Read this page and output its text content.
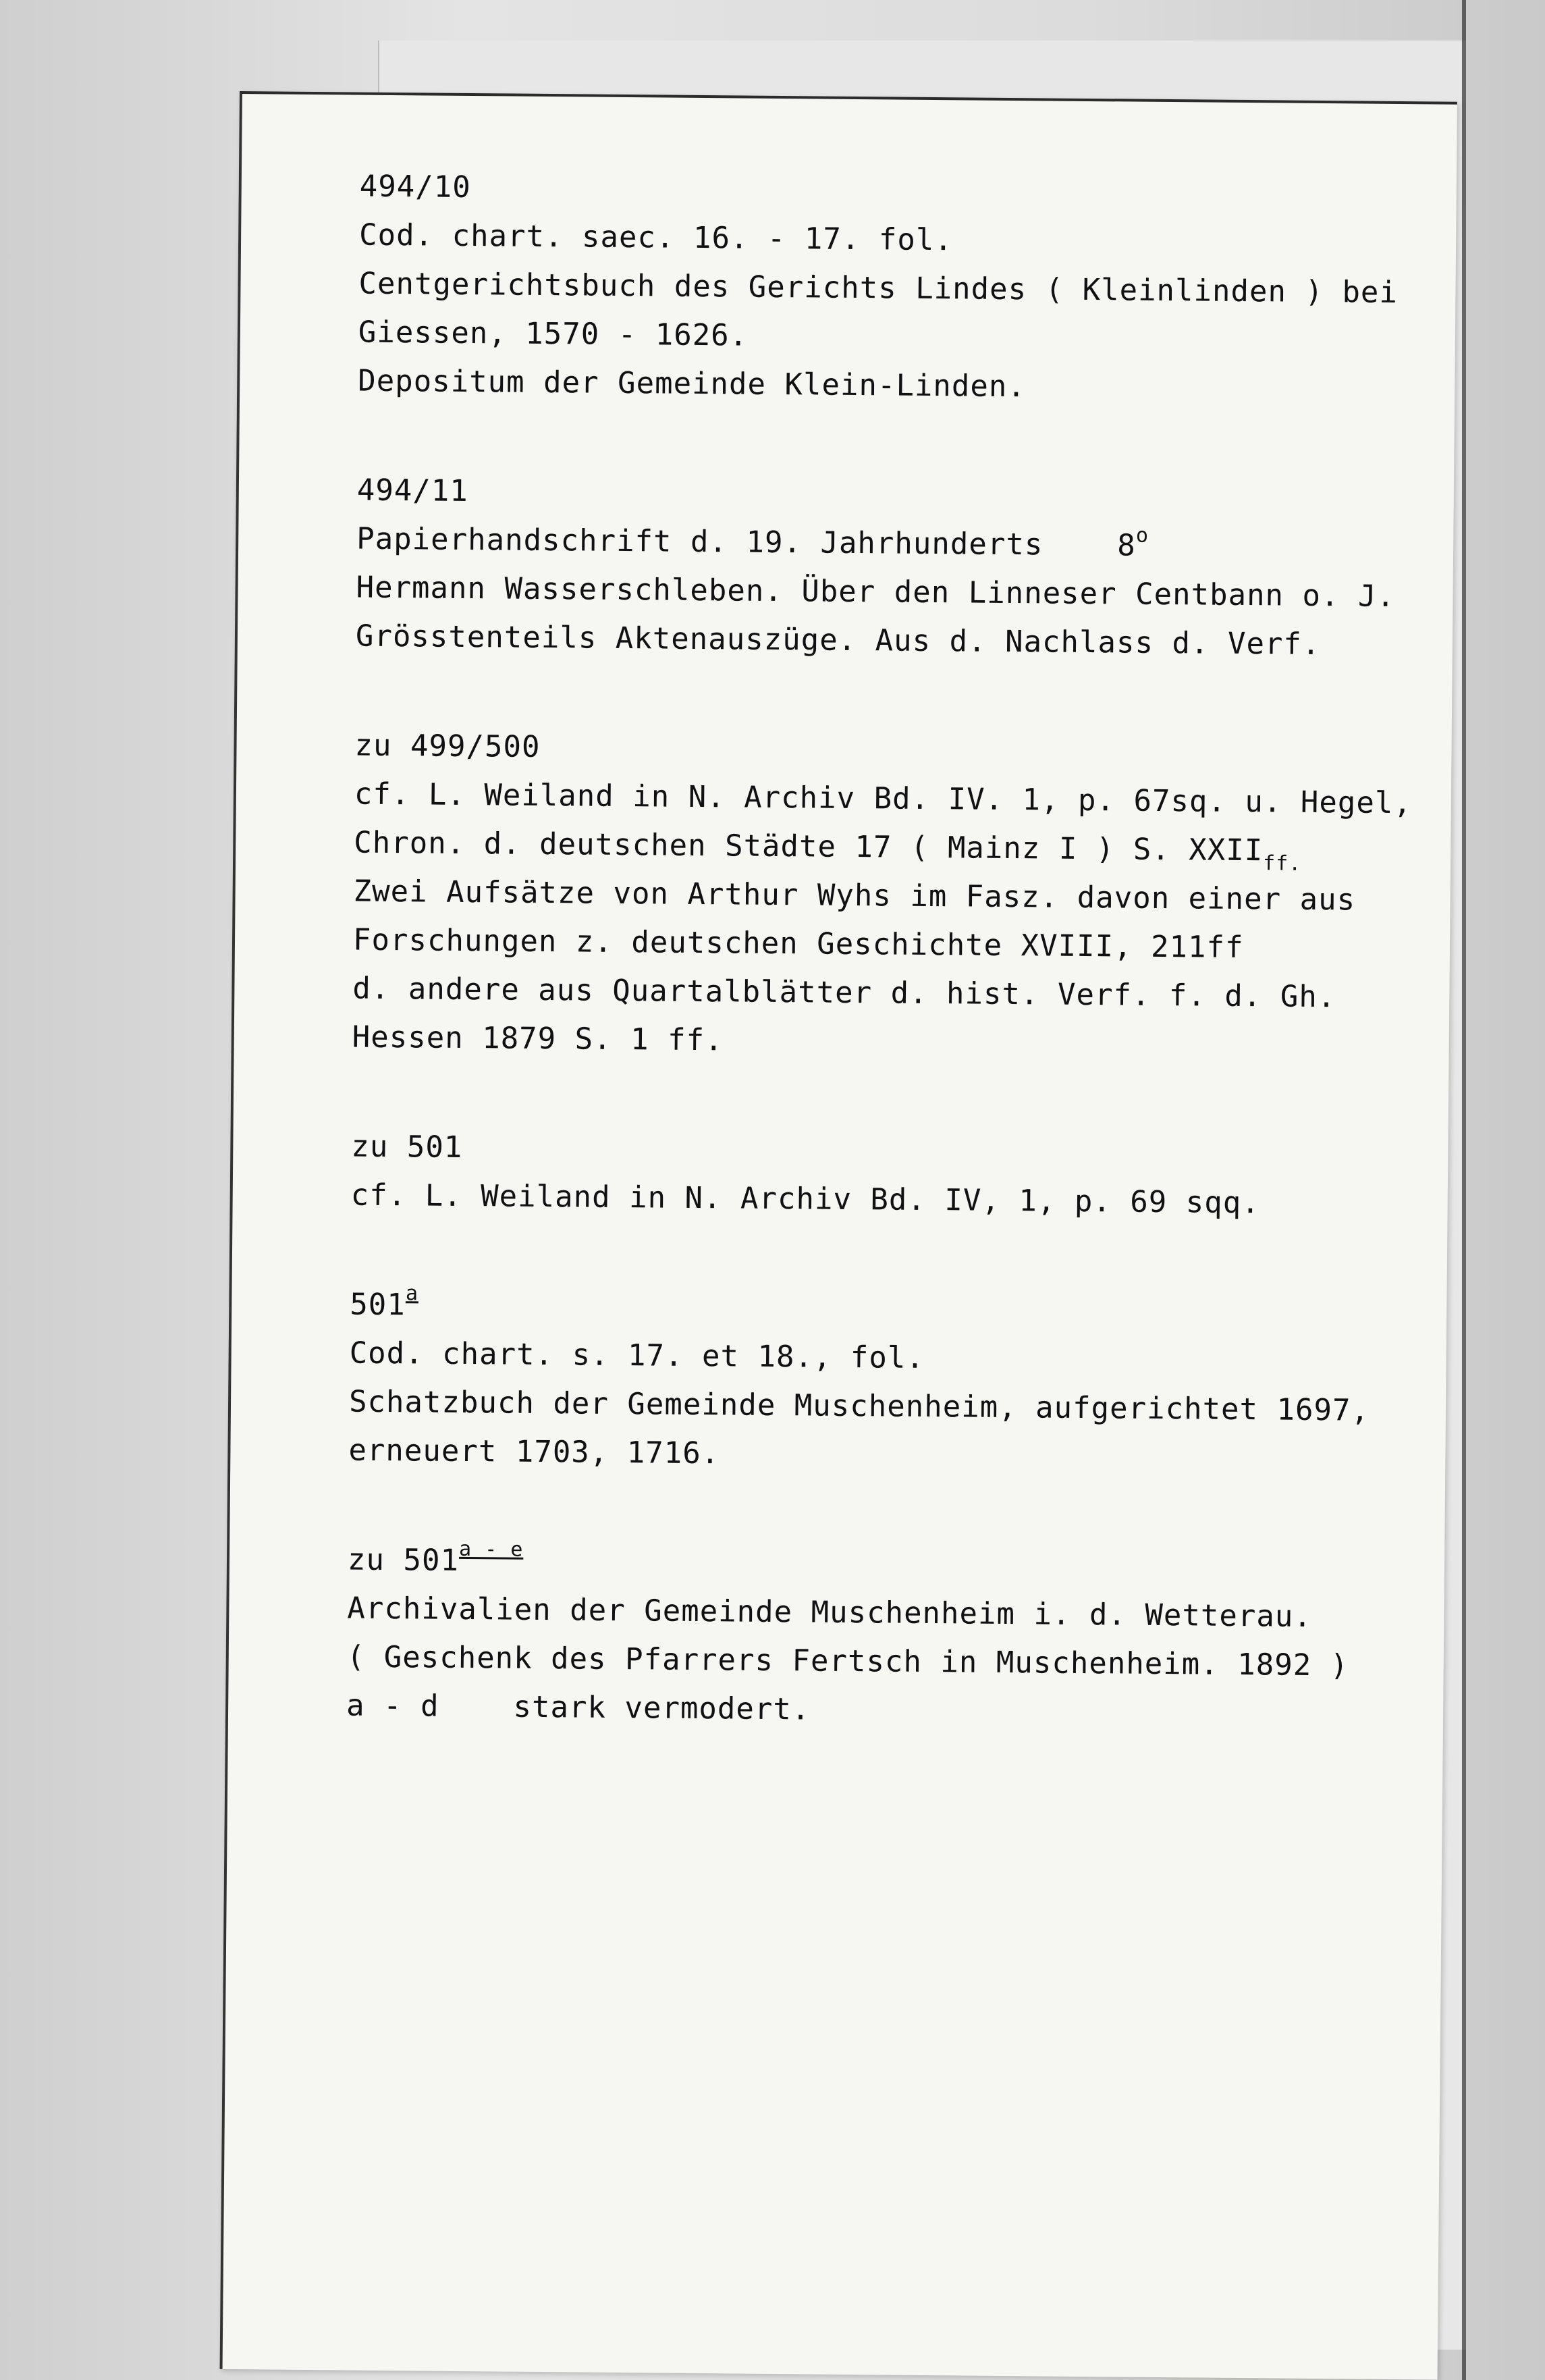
494/10
Cod. chart. saec. 16. - 17. fol.
Centgerichtsbuch des Gerichts Lindes ( Kleinlinden ) bei
Giessen, 1570 - 1626.
Depositum der Gemeinde Klein-Linden.
494/11
Papierhandschrift d. 19. Jahrhunderts    8$^o$
Hermann Wasserschleben. Über den Linneser Centbann o. J.
Grösstenteils Aktenauszüge. Aus d. Nachlass d. Verf.
zu 499/500
cf. L. Weiland in N. Archiv Bd. IV. 1, p. 67sq. u. Hegel,
Chron. d. deutschen Städte 17 ( Mainz I ) S. $XXII_{ff.}$
Zwei Aufsätze von Arthur Wyhs im Fasz. davon einer aus
Forschungen z. deutschen Geschichte XVIII, 211ff
d. andere aus Quartalblätter d. hist. Verf. f. d. Gh.
Hessen 1879 S. 1 ff.
zu 501
cf. L. Weiland in N. Archiv Bd. IV, 1, p. 69 sqq.
501$^a$
Cod. chart. s. 17. et 18., fol.
Schatzbuch der Gemeinde Muschenheim, aufgerichtet 1697,
erneuert 1703, 1716.
zu 501$^{a - e}$
Archivalien der Gemeinde Muschenheim i. d. Wetterau.
( Geschenk des Pfarrers Fertsch in Muschenheim. 1892 )
a - d    stark vermodert.
